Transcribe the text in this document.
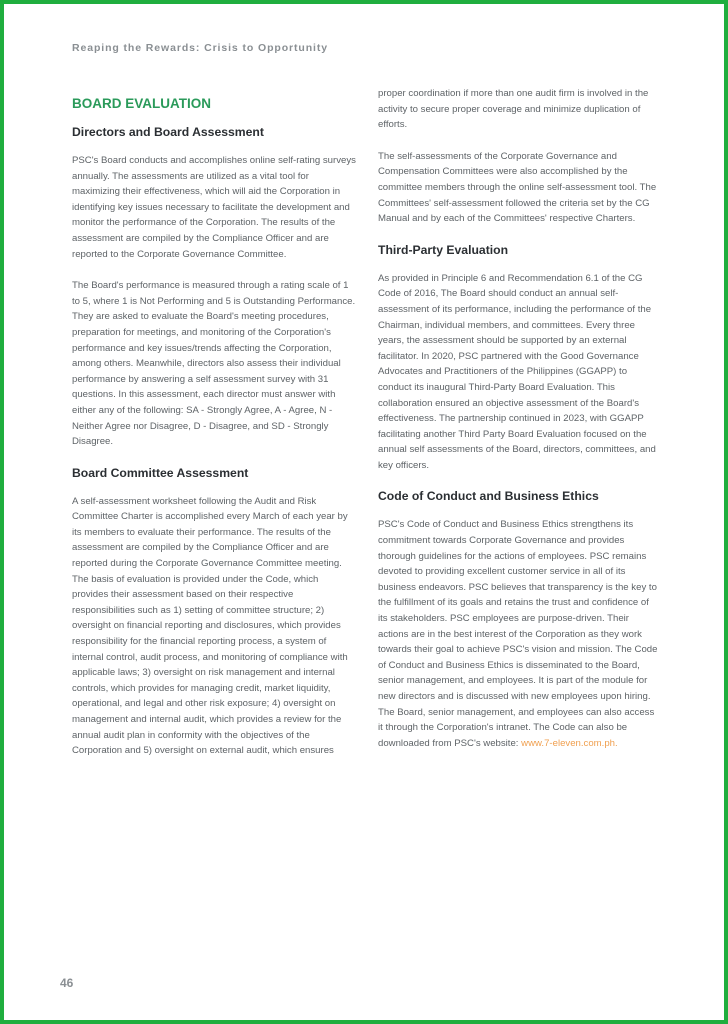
Reaping the Rewards: Crisis to Opportunity
BOARD EVALUATION
Directors and Board Assessment

PSC's Board conducts and accomplishes online self-rating surveys annually. The assessments are utilized as a vital tool for maximizing their effectiveness, which will aid the Corporation in identifying key issues necessary to facilitate the development and monitor the performance of the Corporation. The results of the assessment are compiled by the Compliance Officer and are reported to the Corporate Governance Committee.

The Board's performance is measured through a rating scale of 1 to 5, where 1 is Not Performing and 5 is Outstanding Performance. They are asked to evaluate the Board's meeting procedures, preparation for meetings, and monitoring of the Corporation's performance and key issues/trends affecting the Corporation, among others. Meanwhile, directors also assess their individual performance by answering a self assessment survey with 31 questions. In this assessment, each director must answer with either any of the following: SA - Strongly Agree, A - Agree, N - Neither Agree nor Disagree, D - Disagree, and SD - Strongly Disagree.

Board Committee Assessment

A self-assessment worksheet following the Audit and Risk Committee Charter is accomplished every March of each year by its members to evaluate their performance. The results of the assessment are compiled by the Compliance Officer and are reported during the Corporate Governance Committee meeting. The basis of evaluation is provided under the Code, which provides their assessment based on their respective responsibilities such as 1) setting of committee structure; 2) oversight on financial reporting and disclosures, which provides responsibility for the financial reporting process, a system of internal control, audit process, and monitoring of compliance with applicable laws; 3) oversight on risk management and internal controls, which provides for managing credit, market liquidity, operational, and legal and other risk exposure; 4) oversight on management and internal audit, which provides a review for the annual audit plan in conformity with the objectives of the Corporation and 5) oversight on external audit, which ensures

proper coordination if more than one audit firm is involved in the activity to secure proper coverage and minimize duplication of efforts.

The self-assessments of the Corporate Governance and Compensation Committees were also accomplished by the committee members through the online self-assessment tool. The Committees' self-assessment followed the criteria set by the CG Manual and by each of the Committees' respective Charters.

Third-Party Evaluation

As provided in Principle 6 and Recommendation 6.1 of the CG Code of 2016, The Board should conduct an annual self-assessment of its performance, including the performance of the Chairman, individual members, and committees. Every three years, the assessment should be supported by an external facilitator. In 2020, PSC partnered with the Good Governance Advocates and Practitioners of the Philippines (GGAPP) to conduct its inaugural Third-Party Board Evaluation. This collaboration ensured an objective assessment of the Board's effectiveness. The partnership continued in 2023, with GGAPP facilitating another Third Party Board Evaluation focused on the annual self assessments of the Board, directors, committees, and key officers.

Code of Conduct and Business Ethics

PSC's Code of Conduct and Business Ethics strengthens its commitment towards Corporate Governance and provides thorough guidelines for the actions of employees. PSC remains devoted to providing excellent customer service in all of its business endeavors. PSC believes that transparency is the key to the fulfillment of its goals and retains the trust and confidence of its stakeholders. PSC employees are purpose-driven. Their actions are in the best interest of the Corporation as they work towards their goal to achieve PSC's vision and mission. The Code of Conduct and Business Ethics is disseminated to the Board, senior management, and employees. It is part of the module for new directors and is discussed with new employees upon hiring. The Board, senior management, and employees can also access it through the Corporation's intranet. The Code can also be downloaded from PSC's website: www.7-eleven.com.ph.

46
